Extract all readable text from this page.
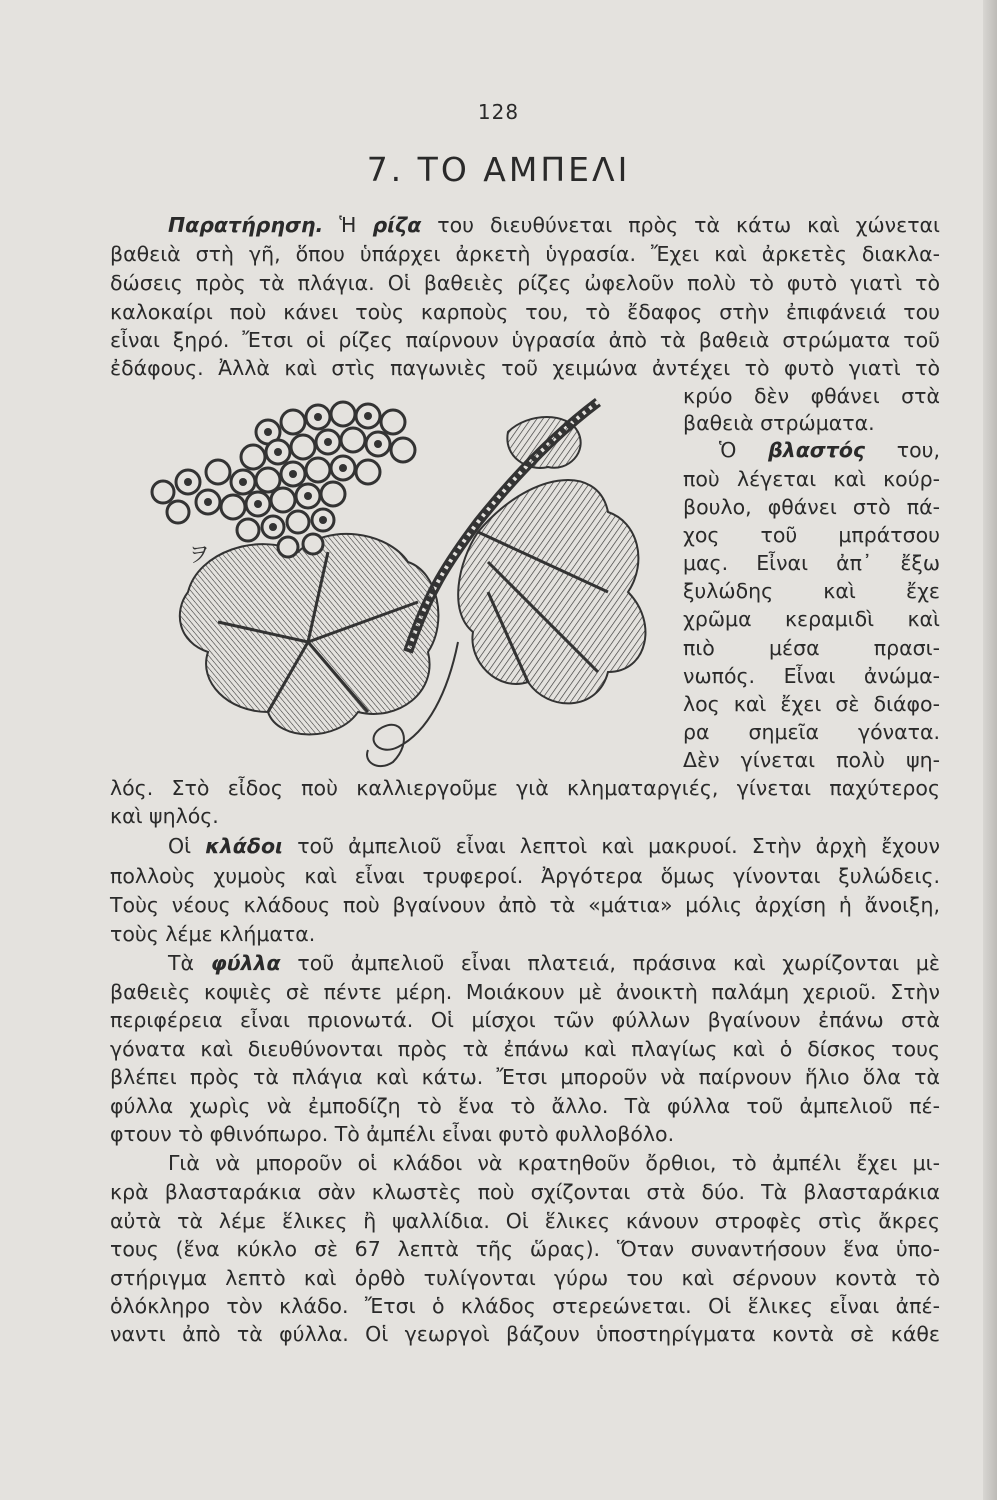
128
7. ΤΟ ΑΜΠΕΛΙ
Παρατήρηση. Ἡ ρίζα του διευθύνεται πρὸς τὰ κάτω καὶ χώνεται
βαθειὰ στὴ γῆ, ὅπου ὑπάρχει ἀρκετὴ ὑγρασία. Ἔχει καὶ ἀρκετὲς διακλα-
δώσεις πρὸς τὰ πλάγια. Οἱ βαθειὲς ρίζες ὠφελοῦν πολὺ τὸ φυτὸ γιατὶ τὸ
καλοκαίρι ποὺ κάνει τοὺς καρποὺς του, τὸ ἔδαφος στὴν ἐπιφάνειά του
εἶναι ξηρό. Ἔτσι οἱ ρίζες παίρνουν ὑγρασία ἀπὸ τὰ βαθειὰ στρώματα τοῦ
ἐδάφους. Ἀλλὰ καὶ στὶς παγωνιὲς τοῦ χειμώνα ἀντέχει τὸ φυτὸ γιατὶ τὸ
κρύο δὲν φθάνει στὰ
βαθειὰ στρώματα.
Ὁ βλαστός του,
ποὺ λέγεται καὶ κούρ-
βουλο, φθάνει στὸ πά-
χος τοῦ μπράτσου
μας. Εἶναι ἀπ᾽ ἔξω
ξυλώδης καὶ ἔχε
χρῶμα κεραμιδὶ καὶ
πιὸ μέσα πρασι-
νωπός. Εἶναι ἀνώμα-
λος καὶ ἔχει σὲ διάφο-
ρα σημεῖα γόνατα.
Δὲν γίνεται πολὺ ψη-
λός. Στὸ εἶδος ποὺ καλλιεργοῦμε γιὰ κληματαργιές, γίνεται παχύτερος
καὶ ψηλός.
Οἱ κλάδοι τοῦ ἀμπελιοῦ εἶναι λεπτοὶ καὶ μακρυοί. Στὴν ἀρχὴ ἔχουν
πολλοὺς χυμοὺς καὶ εἶναι τρυφεροί. Ἀργότερα ὅμως γίνονται ξυλώδεις.
Τοὺς νέους κλάδους ποὺ βγαίνουν ἀπὸ τὰ «μάτια» μόλις ἀρχίση ἡ ἄνοιξη,
τοὺς λέμε κλήματα.
Τὰ φύλλα τοῦ ἀμπελιοῦ εἶναι πλατειά, πράσινα καὶ χωρίζονται μὲ
βαθειὲς κοψιὲς σὲ πέντε μέρη. Μοιάκουν μὲ ἀνοικτὴ παλάμη χεριοῦ. Στὴν
περιφέρεια εἶναι πριονωτά. Οἱ μίσχοι τῶν φύλλων βγαίνουν ἐπάνω στὰ
γόνατα καὶ διευθύνονται πρὸς τὰ ἐπάνω καὶ πλαγίως καὶ ὁ δίσκος τους
βλέπει πρὸς τὰ πλάγια καὶ κάτω. Ἔτσι μποροῦν νὰ παίρνουν ἥλιο ὅλα τὰ
φύλλα χωρὶς νὰ ἐμποδίζη τὸ ἕνα τὸ ἄλλο. Τὰ φύλλα τοῦ ἀμπελιοῦ πέ-
φτουν τὸ φθινόπωρο. Τὸ ἀμπέλι εἶναι φυτὸ φυλλοβόλο.
Γιὰ νὰ μποροῦν οἱ κλάδοι νὰ κρατηθοῦν ὄρθιοι, τὸ ἀμπέλι ἔχει μι-
κρὰ βλασταράκια σὰν κλωστὲς ποὺ σχίζονται στὰ δύο. Τὰ βλασταράκια
αὐτὰ τὰ λέμε ἕλικες ἢ ψαλλίδια. Οἱ ἕλικες κάνουν στροφὲς στὶς ἄκρες
τους (ἕνα κύκλο σὲ 67 λεπτὰ τῆς ὥρας). Ὅταν συναντήσουν ἕνα ὑπο-
στήριγμα λεπτὸ καὶ ὀρθὸ τυλίγονται γύρω του καὶ σέρνουν κοντὰ τὸ
ὁλόκληρο τὸν κλάδο. Ἔτσι ὁ κλάδος στερεώνεται. Οἱ ἕλικες εἶναι ἀπέ-
ναντι ἀπὸ τὰ φύλλα. Οἱ γεωργοὶ βάζουν ὑποστηρίγματα κοντὰ σὲ κάθε
ヲ
